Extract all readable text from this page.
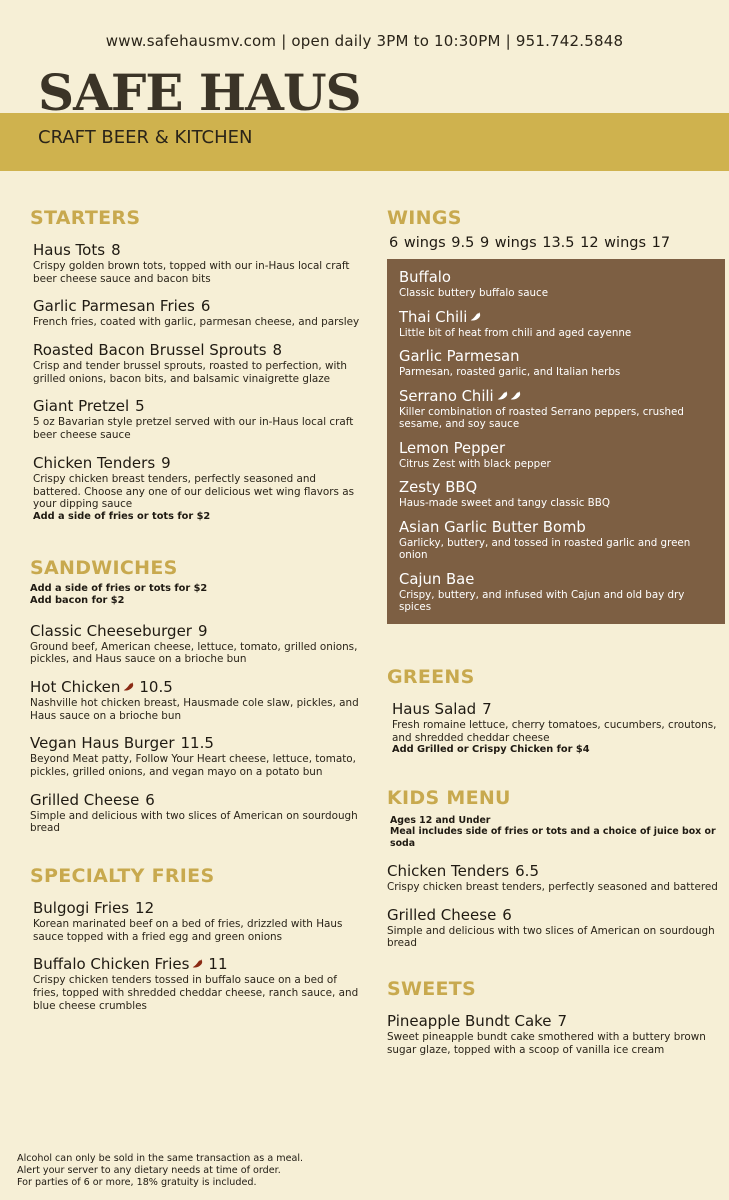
www.safehausmv.com | open daily 3PM to 10:30PM | 951.742.5848
SAFE HAUS
CRAFT BEER & KITCHEN
STARTERS
Haus Tots 8
Crispy golden brown tots, topped with our in-Haus local craft beer cheese sauce and bacon bits
Garlic Parmesan Fries 6
French fries, coated with garlic, parmesan cheese, and parsley
Roasted Bacon Brussel Sprouts 8
Crisp and tender brussel sprouts, roasted to perfection, with grilled onions, bacon bits, and balsamic vinaigrette glaze
Giant Pretzel 5
5 oz Bavarian style pretzel served with our in-Haus local craft beer cheese sauce
Chicken Tenders 9
Crispy chicken breast tenders, perfectly seasoned and battered. Choose any one of our delicious wet wing flavors as your dipping sauce
Add a side of fries or tots for $2
SANDWICHES
Add a side of fries or tots for $2
Add bacon for $2
Classic Cheeseburger 9
Ground beef, American cheese, lettuce, tomato, grilled onions, pickles, and Haus sauce on a brioche bun
Hot Chicken 10.5
Nashville hot chicken breast, Hausmade cole slaw, pickles, and Haus sauce on a brioche bun
Vegan Haus Burger 11.5
Beyond Meat patty, Follow Your Heart cheese, lettuce, tomato, pickles, grilled onions, and vegan mayo on a potato bun
Grilled Cheese 6
Simple and delicious with two slices of American on sourdough bread
SPECIALTY FRIES
Bulgogi Fries 12
Korean marinated beef on a bed of fries, drizzled with Haus sauce topped with a fried egg and green onions
Buffalo Chicken Fries 11
Crispy chicken tenders tossed in buffalo sauce on a bed of fries, topped with shredded cheddar cheese, ranch sauce, and blue cheese crumbles
WINGS
6 wings 9.5 9 wings 13.5 12 wings 17
Buffalo
Classic buttery buffalo sauce
Thai Chili
Little bit of heat from chili and aged cayenne
Garlic Parmesan
Parmesan, roasted garlic, and Italian herbs
Serrano Chili
Killer combination of roasted Serrano peppers, crushed sesame, and soy sauce
Lemon Pepper
Citrus Zest with black pepper
Zesty BBQ
Haus-made sweet and tangy classic BBQ
Asian Garlic Butter Bomb
Garlicky, buttery, and tossed in roasted garlic and green onion
Cajun Bae
Crispy, buttery, and infused with Cajun and old bay dry spices
GREENS
Haus Salad 7
Fresh romaine lettuce, cherry tomatoes, cucumbers, croutons, and shredded cheddar cheese
Add Grilled or Crispy Chicken for $4
KIDS MENU
Ages 12 and Under
Meal includes side of fries or tots and a choice of juice box or soda
Chicken Tenders 6.5
Crispy chicken breast tenders, perfectly seasoned and battered
Grilled Cheese 6
Simple and delicious with two slices of American on sourdough bread
SWEETS
Pineapple Bundt Cake 7
Sweet pineapple bundt cake smothered with a buttery brown sugar glaze, topped with a scoop of vanilla ice cream
Alcohol can only be sold in the same transaction as a meal.
Alert your server to any dietary needs at time of order.
For parties of 6 or more, 18% gratuity is included.
